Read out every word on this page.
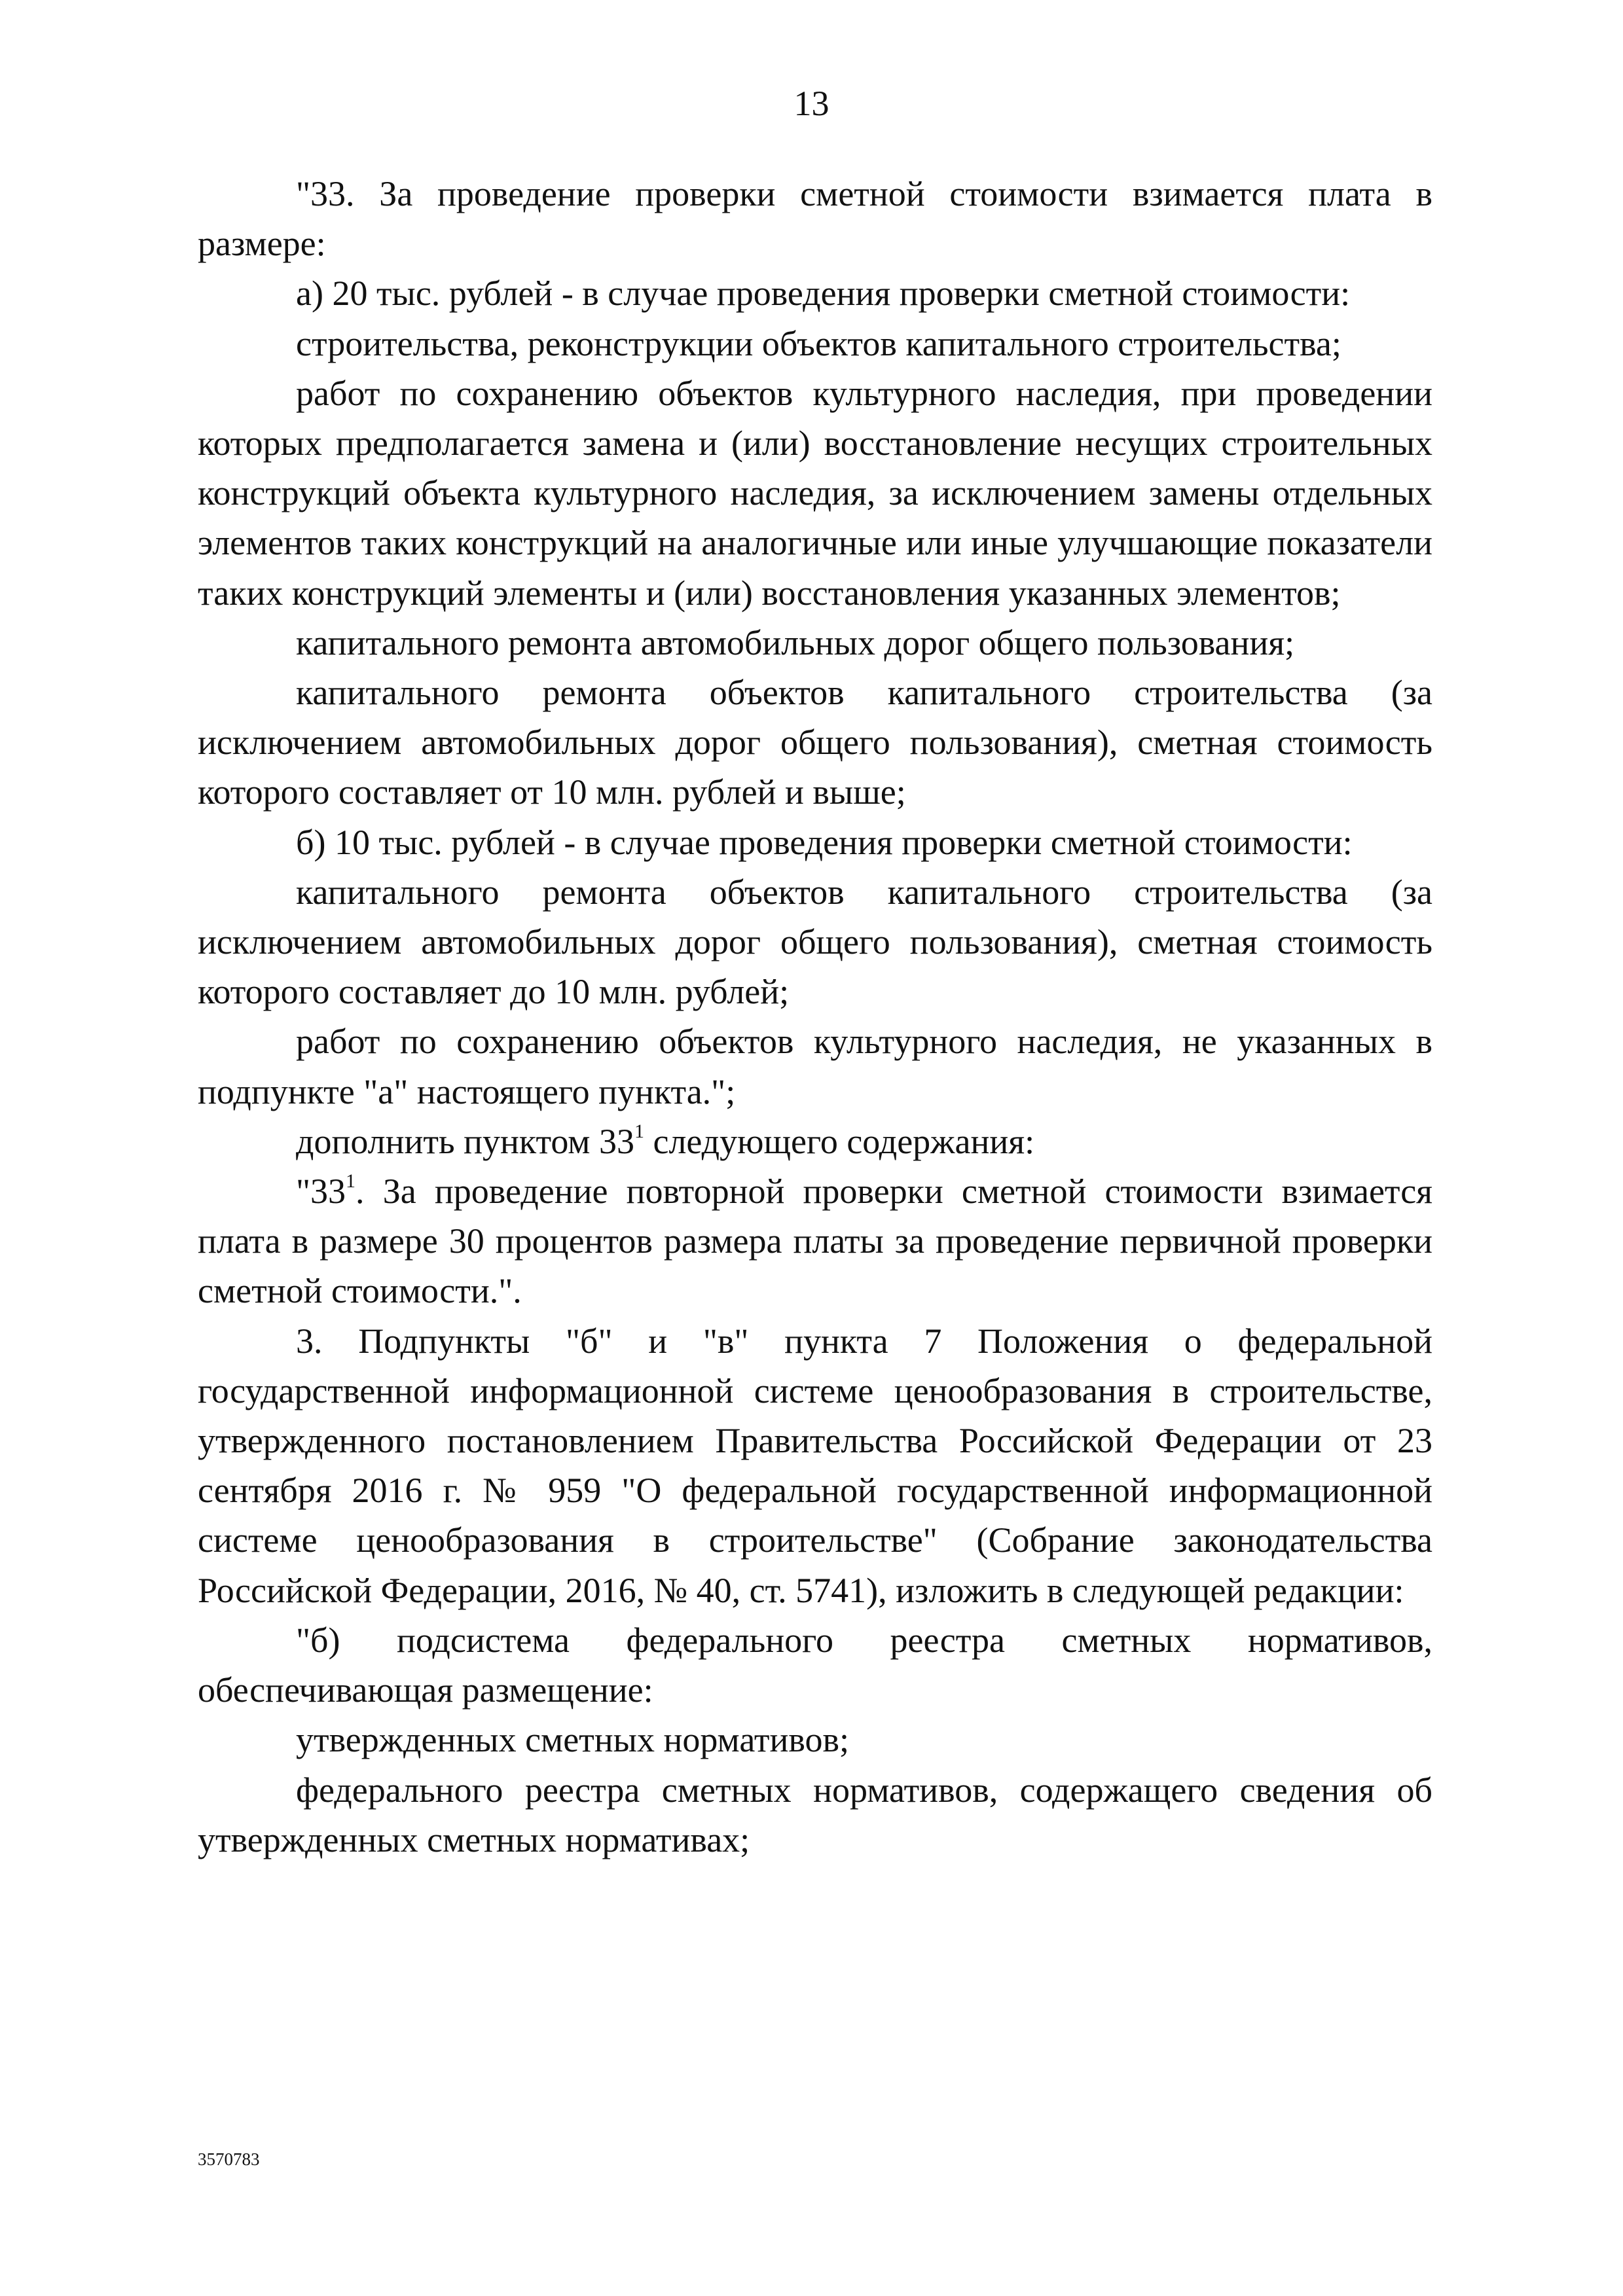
13

"33. За проведение проверки сметной стоимости взимается плата в размере:

а) 20 тыс. рублей - в случае проведения проверки сметной стоимости:

строительства, реконструкции объектов капитального строительства;

работ по сохранению объектов культурного наследия, при проведении которых предполагается замена и (или) восстановление несущих строительных конструкций объекта культурного наследия, за исключением замены отдельных элементов таких конструкций на аналогичные или иные улучшающие показатели таких конструкций элементы и (или) восстановления указанных элементов;

капитального ремонта автомобильных дорог общего пользования;

капитального ремонта объектов капитального строительства (за исключением автомобильных дорог общего пользования), сметная стоимость которого составляет от 10 млн. рублей и выше;

б) 10 тыс. рублей - в случае проведения проверки сметной стоимости:

капитального ремонта объектов капитального строительства (за исключением автомобильных дорог общего пользования), сметная стоимость которого составляет до 10 млн. рублей;

работ по сохранению объектов культурного наследия, не указанных в подпункте "а" настоящего пункта.";

дополнить пунктом $33^1$ следующего содержания:

"$33^1$. За проведение повторной проверки сметной стоимости взимается плата в размере 30 процентов размера платы за проведение первичной проверки сметной стоимости.".

3. Подпункты "б" и "в" пункта 7 Положения о федеральной государственной информационной системе ценообразования в строительстве, утвержденного постановлением Правительства Российской Федерации от 23 сентября 2016 г. № 959 "О федеральной государственной информационной системе ценообразования в строительстве" (Собрание законодательства Российской Федерации, 2016, № 40, ст. 5741), изложить в следующей редакции:

"б) подсистема федерального реестра сметных нормативов, обеспечивающая размещение:

утвержденных сметных нормативов;

федерального реестра сметных нормативов, содержащего сведения об утвержденных сметных нормативах;

3570783
